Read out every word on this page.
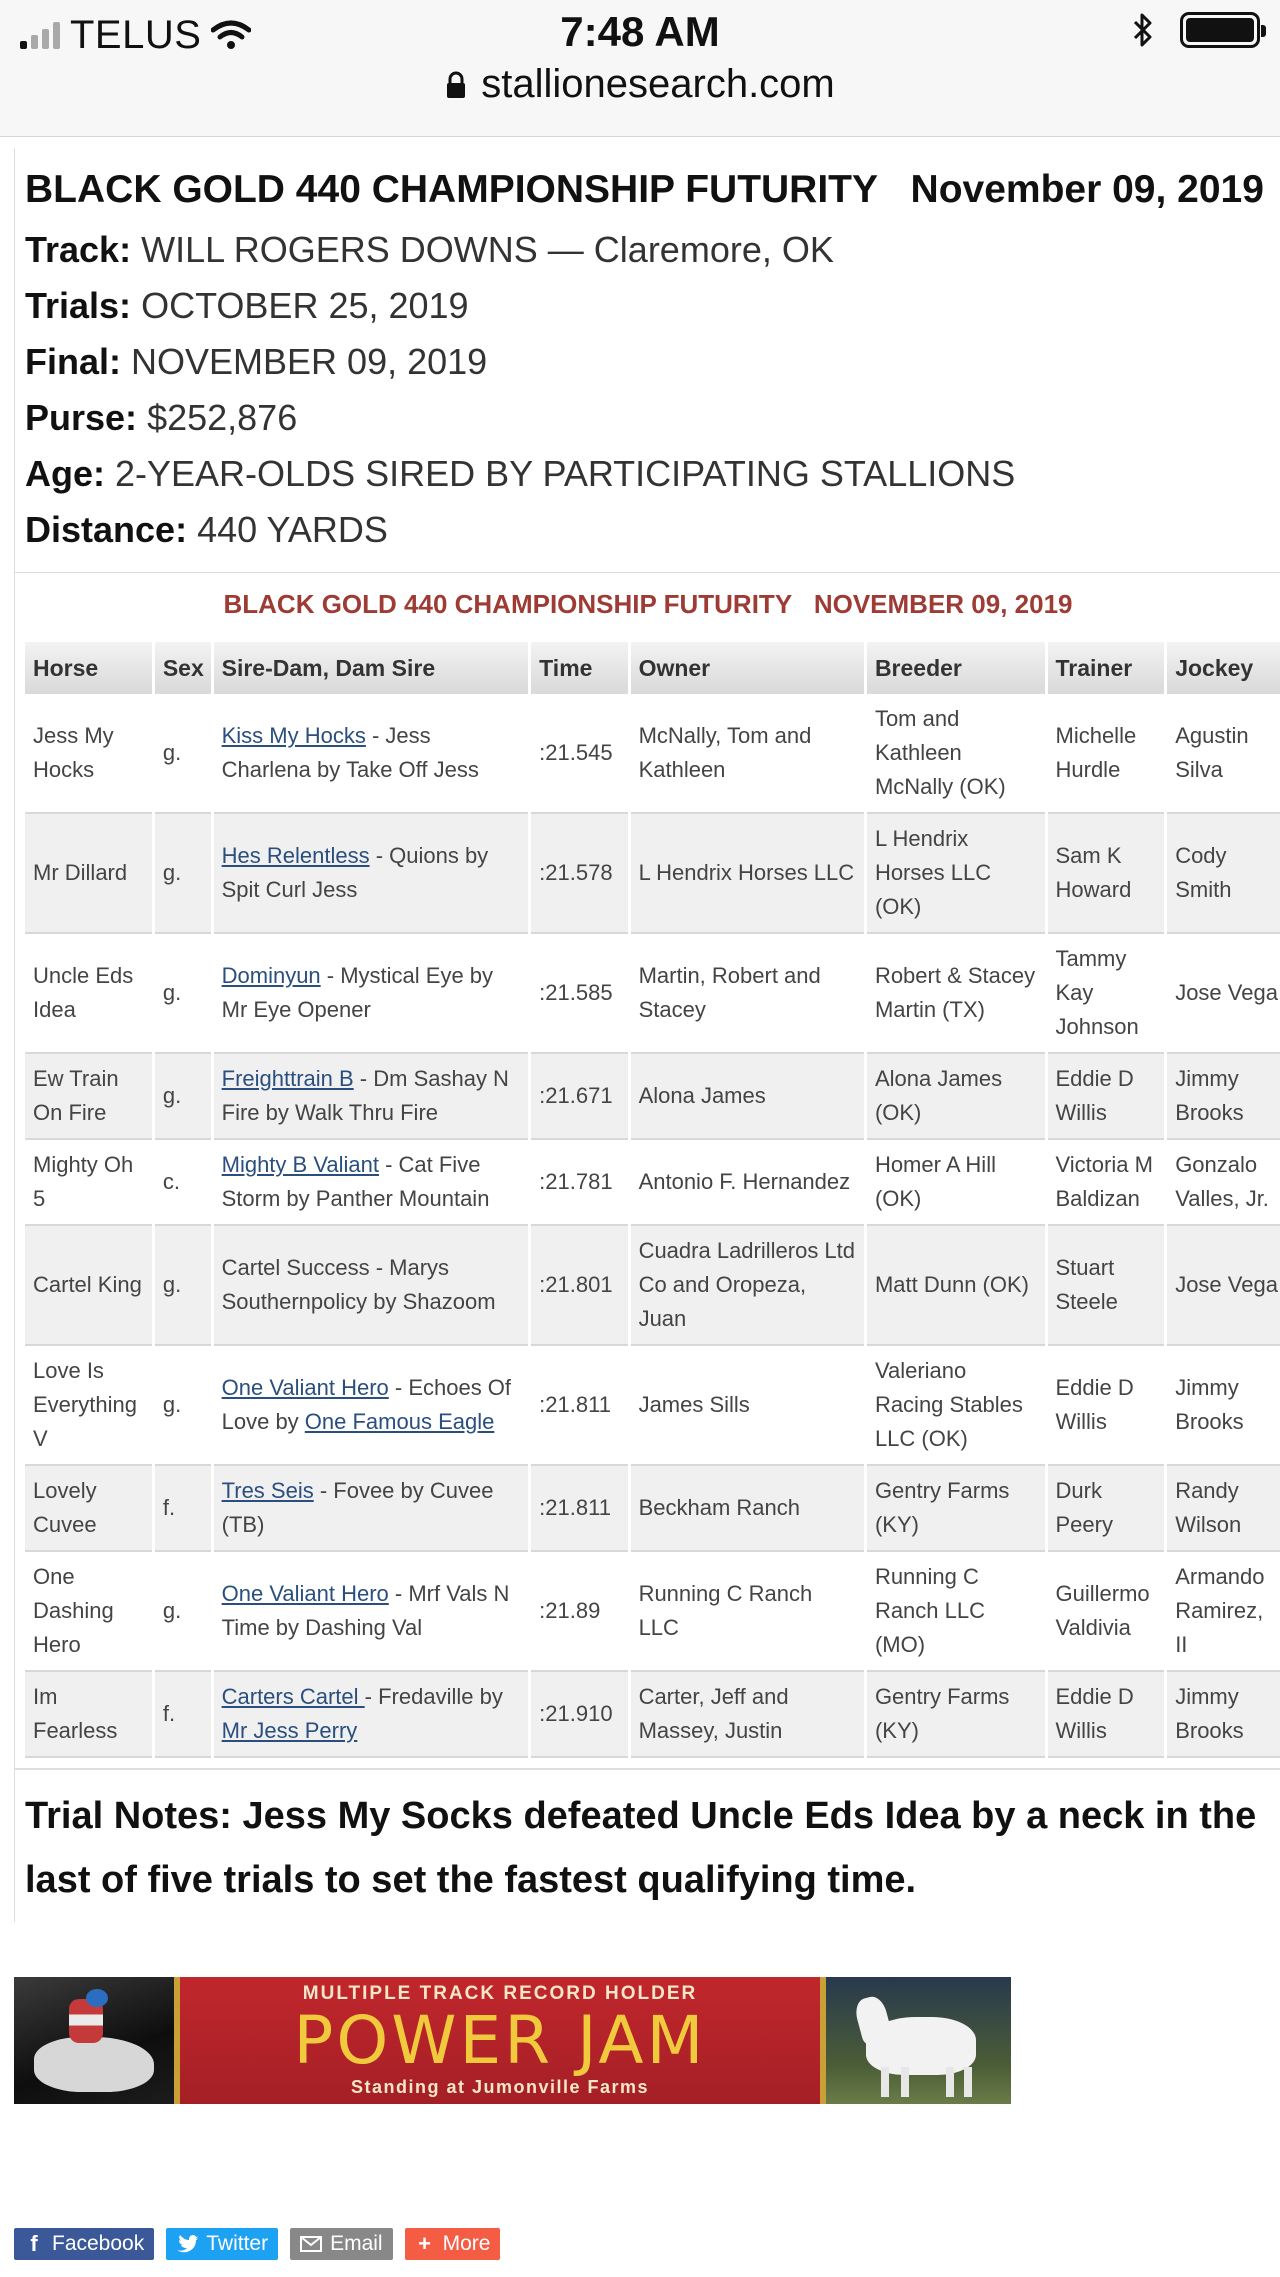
TELUS	7:48 AM
stallionesearch.com
BLACK GOLD 440 CHAMPIONSHIP FUTURITY November 09, 2019
Track: WILL ROGERS DOWNS — Claremore, OK
Trials: OCTOBER 25, 2019
Final: NOVEMBER 09, 2019
Purse: $252,876
Age: 2-YEAR-OLDS SIRED BY PARTICIPATING STALLIONS
Distance: 440 YARDS
BLACK GOLD 440 CHAMPIONSHIP FUTURITY NOVEMBER 09, 2019
Horse	Sex	Sire-Dam, Dam Sire	Time	Owner	Breeder	Trainer	Jockey
Jess My Hocks	g.	Kiss My Hocks - Jess Charlena by Take Off Jess	:21.545	McNally, Tom and Kathleen	Tom and Kathleen McNally (OK)	Michelle Hurdle	Agustin Silva
Mr Dillard	g.	Hes Relentless - Quions by Spit Curl Jess	:21.578	L Hendrix Horses LLC	L Hendrix Horses LLC (OK)	Sam K Howard	Cody Smith
Uncle Eds Idea	g.	Dominyun - Mystical Eye by Mr Eye Opener	:21.585	Martin, Robert and Stacey	Robert & Stacey Martin (TX)	Tammy Kay Johnson	Jose Vega
Ew Train On Fire	g.	Freighttrain B - Dm Sashay N Fire by Walk Thru Fire	:21.671	Alona James	Alona James (OK)	Eddie D Willis	Jimmy Brooks
Mighty Oh 5	c.	Mighty B Valiant - Cat Five Storm by Panther Mountain	:21.781	Antonio F. Hernandez	Homer A Hill (OK)	Victoria M Baldizan	Gonzalo Valles, Jr.
Cartel King	g.	Cartel Success - Marys Southernpolicy by Shazoom	:21.801	Cuadra Ladrilleros Ltd Co and Oropeza, Juan	Matt Dunn (OK)	Stuart Steele	Jose Vega
Love Is Everything V	g.	One Valiant Hero - Echoes Of Love by One Famous Eagle	:21.811	James Sills	Valeriano Racing Stables LLC (OK)	Eddie D Willis	Jimmy Brooks
Lovely Cuvee	f.	Tres Seis - Fovee by Cuvee (TB)	:21.811	Beckham Ranch	Gentry Farms (KY)	Durk Peery	Randy Wilson
One Dashing Hero	g.	One Valiant Hero - Mrf Vals N Time by Dashing Val	:21.89	Running C Ranch LLC	Running C Ranch LLC (MO)	Guillermo Valdivia	Armando Ramirez, II
Im Fearless	f.	Carters Cartel - Fredaville by Mr Jess Perry	:21.910	Carter, Jeff and Massey, Justin	Gentry Farms (KY)	Eddie D Willis	Jimmy Brooks
Trial Notes: Jess My Socks defeated Uncle Eds Idea by a neck in the last of five trials to set the fastest qualifying time.
MULTIPLE TRACK RECORD HOLDER
POWER JAM
Standing at Jumonville Farms
f Facebook	Twitter	Email + More
